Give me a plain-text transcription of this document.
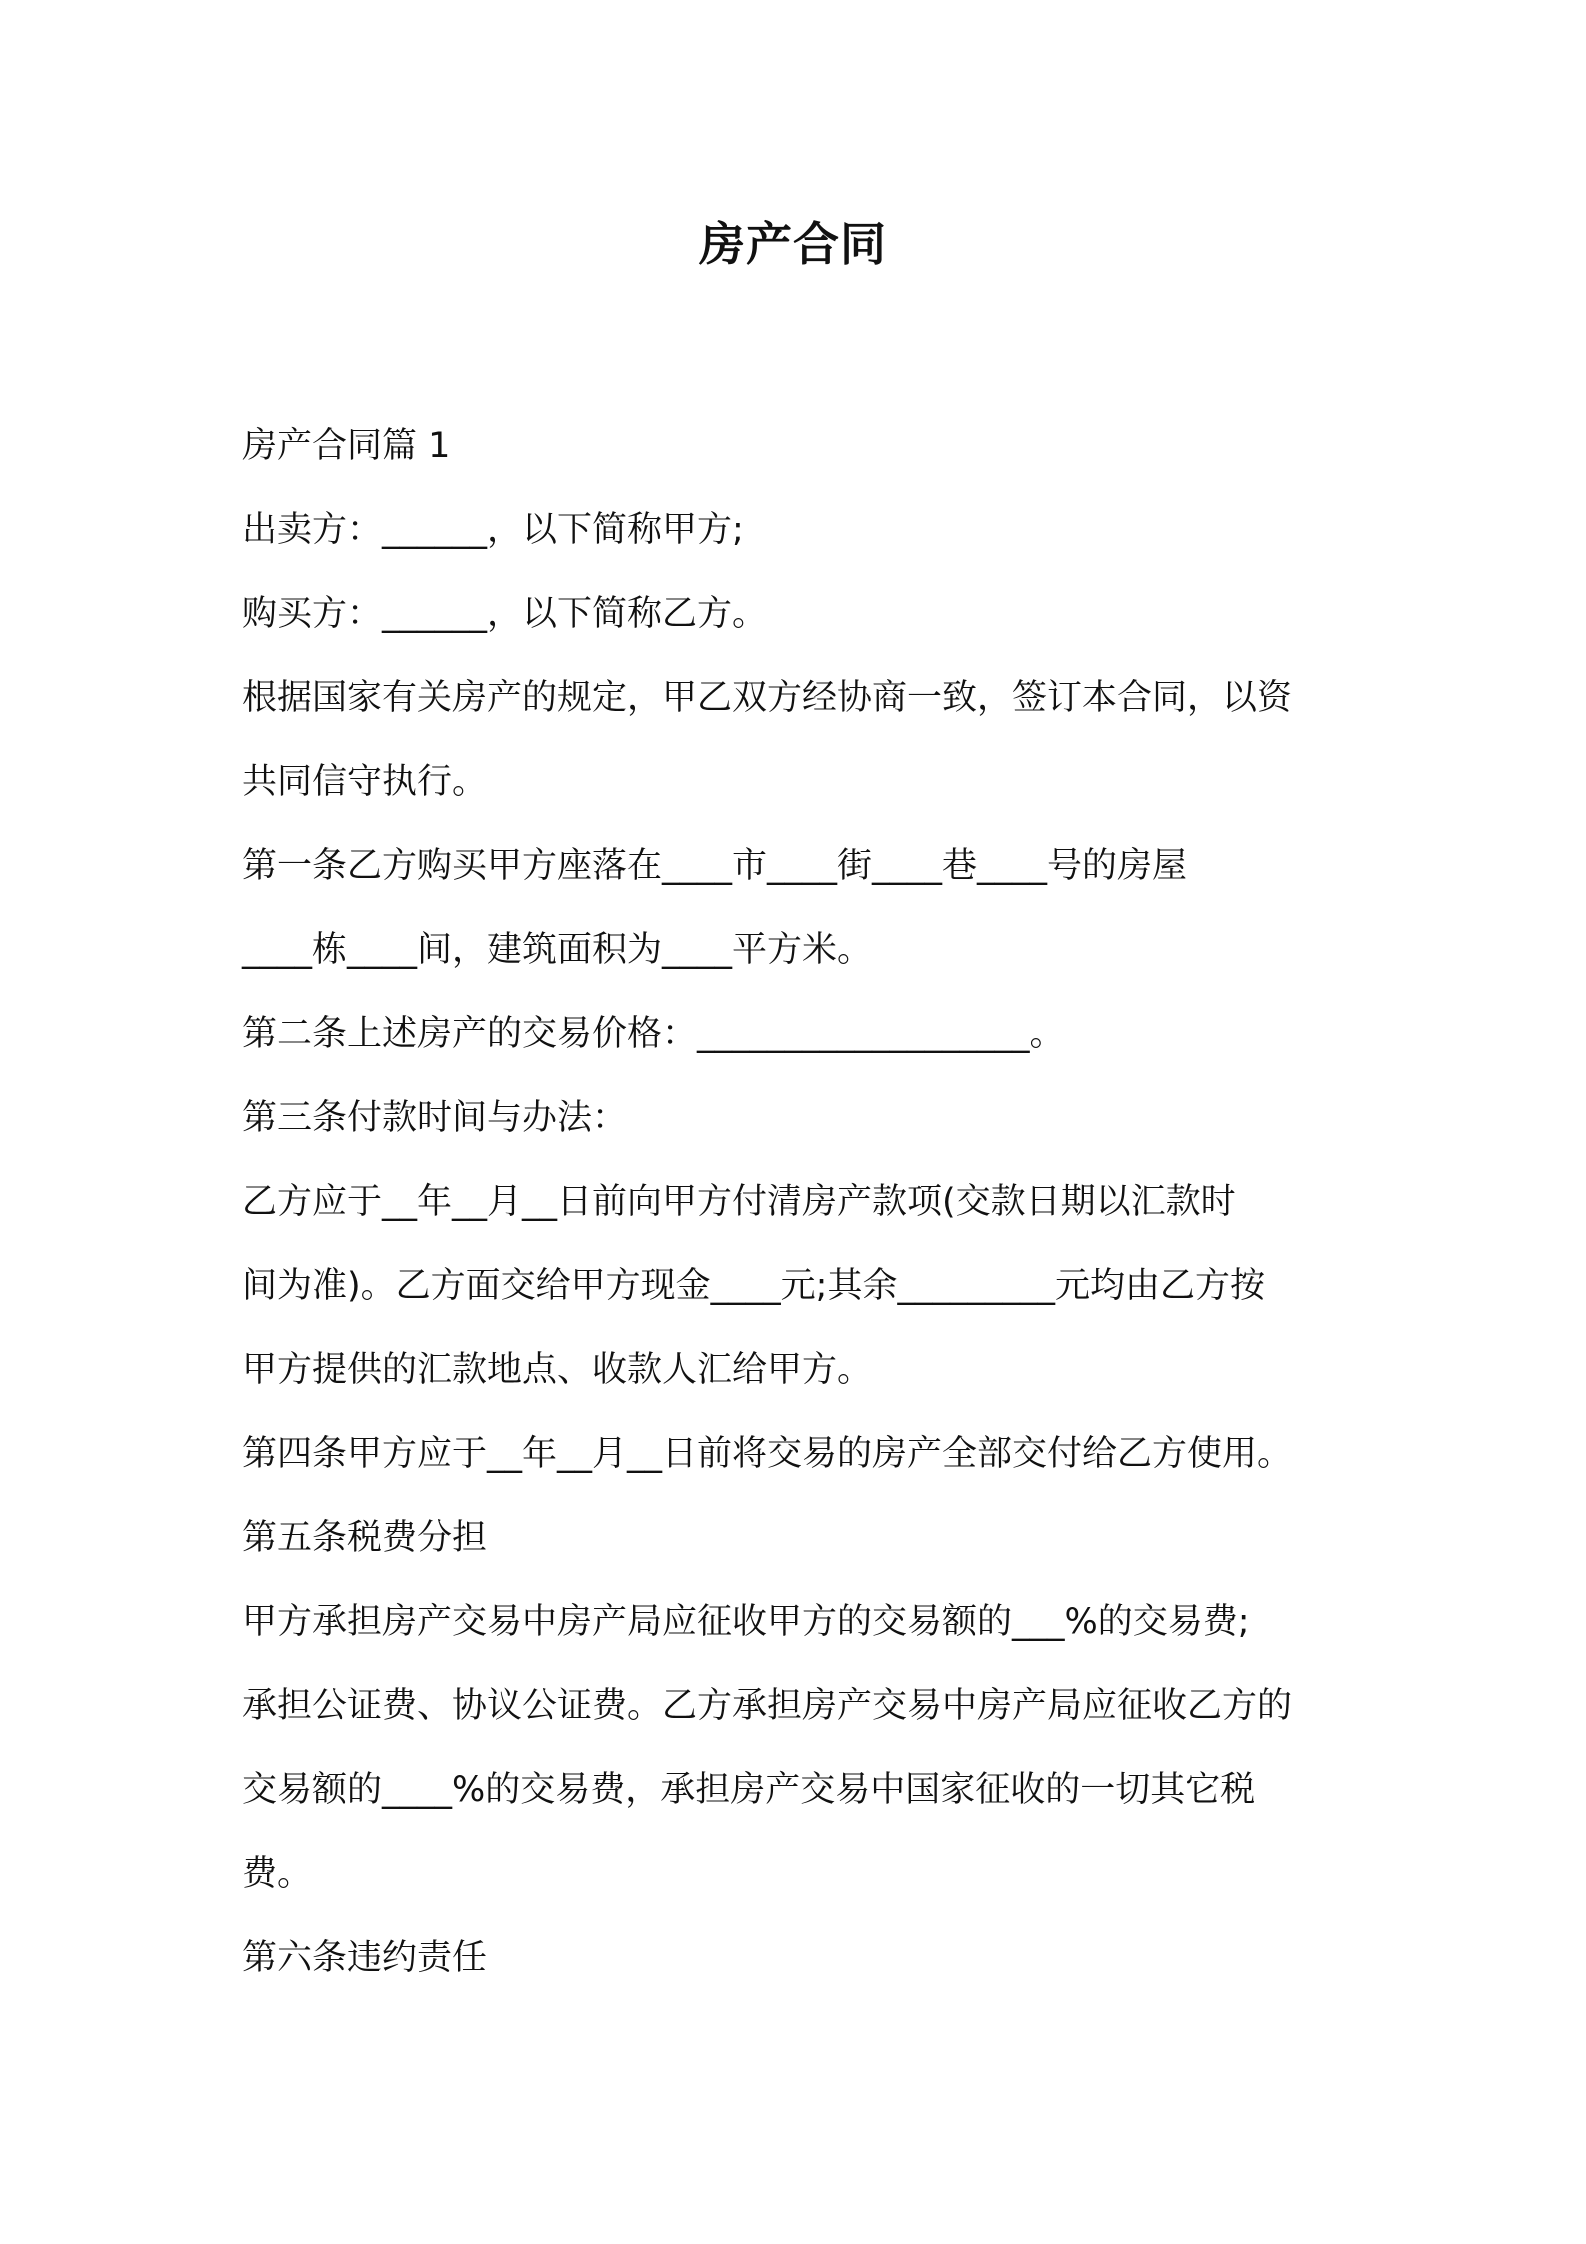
房产合同
房产合同篇 1
出卖方：______，以下简称甲方;
购买方：______，以下简称乙方。
根据国家有关房产的规定，甲乙双方经协商一致，签订本合同，以资
共同信守执行。
第一条乙方购买甲方座落在____市____街____巷____号的房屋
____栋____间，建筑面积为____平方米。
第二条上述房产的交易价格：___________________。
第三条付款时间与办法：
乙方应于__年__月__日前向甲方付清房产款项(交款日期以汇款时
间为准)。乙方面交给甲方现金____元;其余_________元均由乙方按
甲方提供的汇款地点、收款人汇给甲方。
第四条甲方应于__年__月__日前将交易的房产全部交付给乙方使用。
第五条税费分担
甲方承担房产交易中房产局应征收甲方的交易额的___%的交易费;
承担公证费、协议公证费。乙方承担房产交易中房产局应征收乙方的
交易额的____%的交易费，承担房产交易中国家征收的一切其它税
费。
第六条违约责任
